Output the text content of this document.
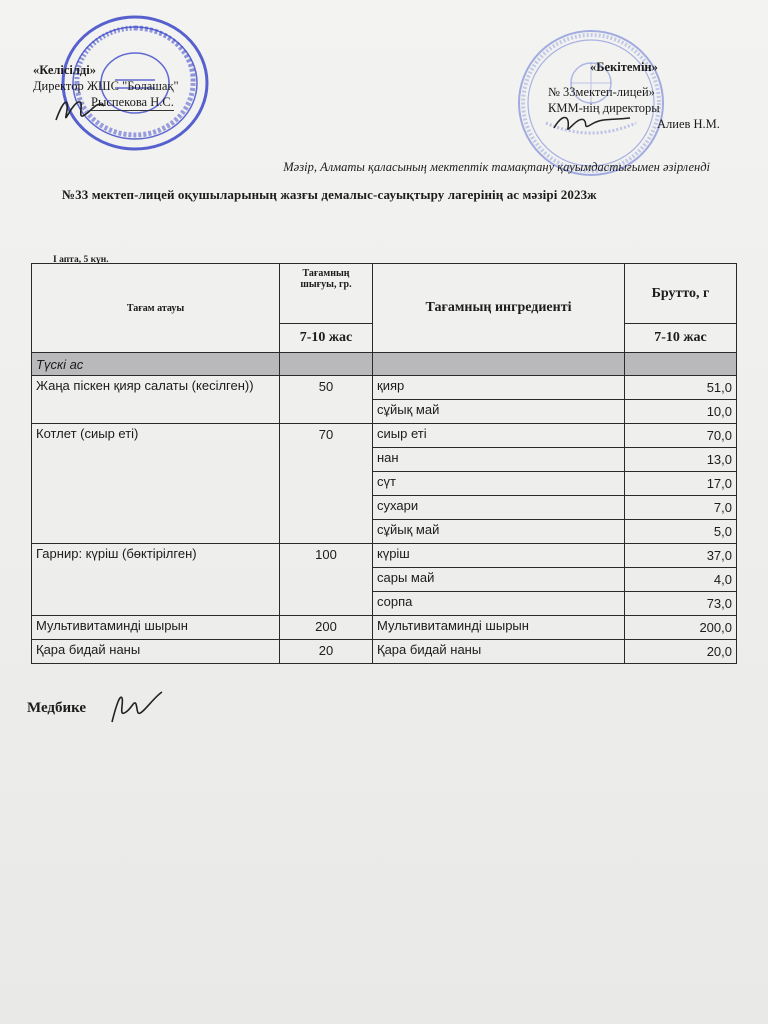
«Келісілді»
Директор ЖШС "Болашақ"
Рыспекова Н.С.
«Бекітемін»
№ 33мектеп-лицей»
КММ-нің директоры
Алиев Н.М.
Мәзір, Алматы қаласының мектептік тамақтану қауымдастығымен әзірленді
№33 мектеп-лицей оқушыларының жазғы демалыс-сауықтыру лагерінің ас мәзірі 2023ж
I апта, 5 күн.
Тағам атауы	Тағамның шығуы, гр.	Тағамның ингредиенті	Брутто, г
	7-10 жас		7-10 жас
Түскі ас			
Жаңа піскен қияр салаты (кесілген))	50	қияр	51,0
		сұйық май	10,0
Котлет (сиыр еті)	70	сиыр еті	70,0
		нан	13,0
		сүт	17,0
		сухари	7,0
		сұйық май	5,0
Гарнир: күріш (бөктірілген)	100	күріш	37,0
		сары май	4,0
		сорпа	73,0
Мультивитаминді шырын	200	Мультивитаминді шырын	200,0
Қара бидай наны	20	Қара бидай наны	20,0
Медбике
